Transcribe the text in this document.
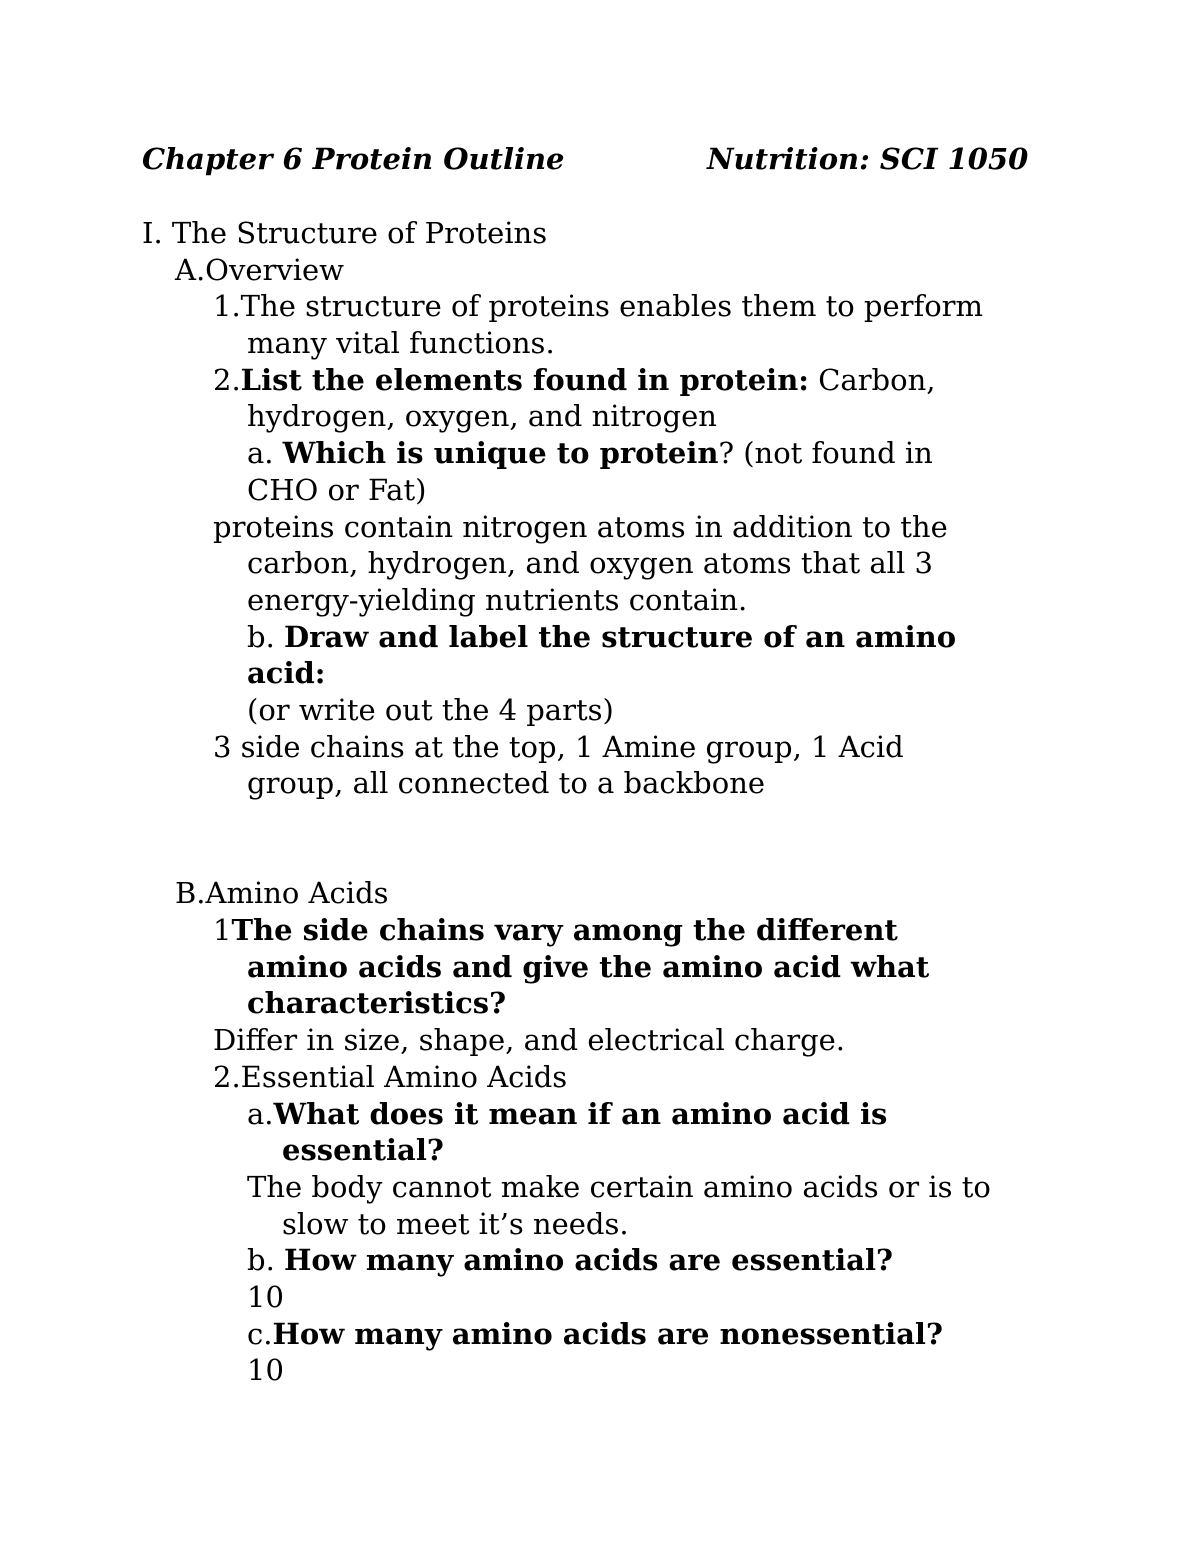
Chapter 6 Protein Outline	Nutrition: SCI 1050
I. The Structure of Proteins
A.Overview
1.The structure of proteins enables them to perform
many vital functions.
2.List the elements found in protein: Carbon,
hydrogen, oxygen, and nitrogen
a. Which is unique to protein? (not found in
CHO or Fat)
proteins contain nitrogen atoms in addition to the
carbon, hydrogen, and oxygen atoms that all 3
energy-yielding nutrients contain.
b. Draw and label the structure of an amino
acid:
(or write out the 4 parts)
3 side chains at the top, 1 Amine group, 1 Acid
group, all connected to a backbone
B.Amino Acids
1The side chains vary among the different
amino acids and give the amino acid what
characteristics?
Differ in size, shape, and electrical charge.
2.Essential Amino Acids
a.What does it mean if an amino acid is
essential?
The body cannot make certain amino acids or is to
slow to meet it’s needs.
b. How many amino acids are essential?
10
c.How many amino acids are nonessential?
10
